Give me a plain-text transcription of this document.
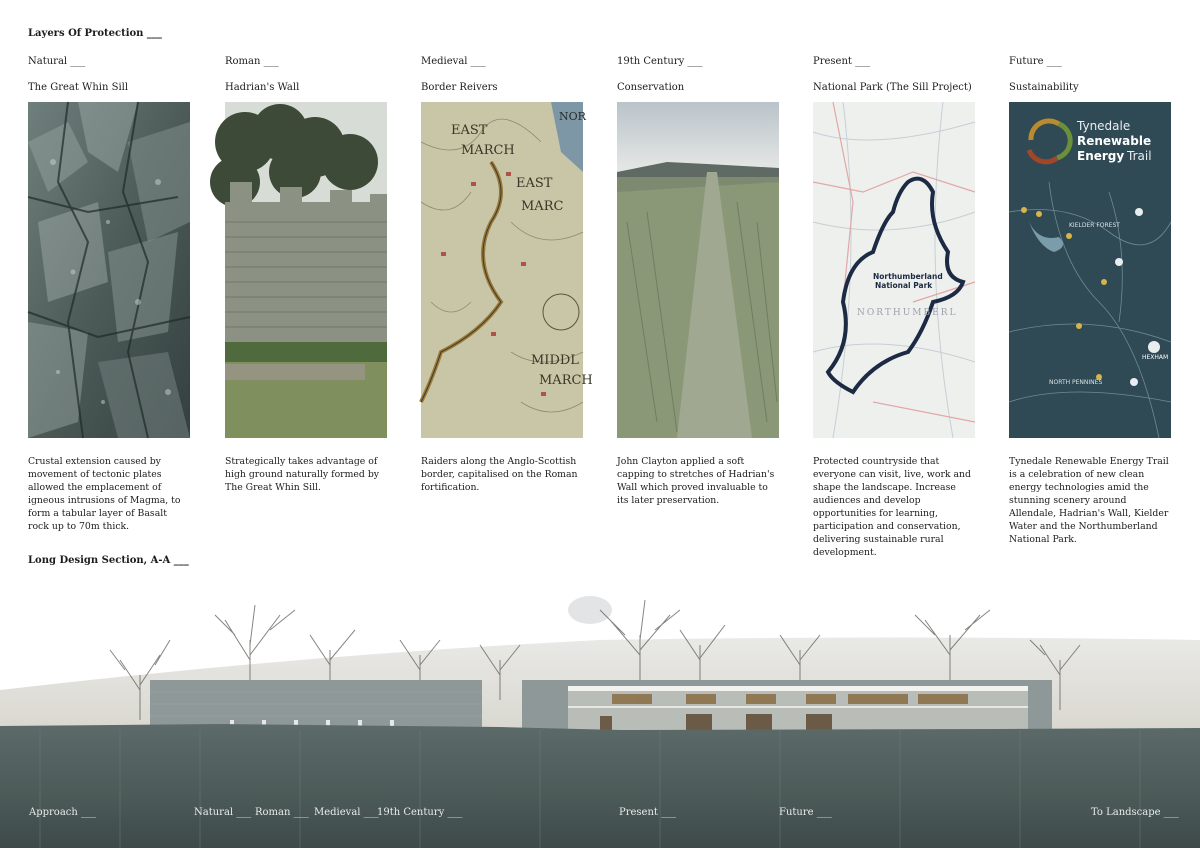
Layers Of Protection ___
Natural ___
The Great Whin Sill
Crustal extension caused by movement of tectonic plates allowed the emplacement of igneous intrusions of Magma, to form a tabular layer of Basalt rock up to 70m thick.
Roman ___
Hadrian's Wall
Strategically takes advantage of high ground naturally formed by The Great Whin Sill.
Medieval ___
Border Reivers
EAST
MARCH
EAST
MARC
MIDDL
MARCH
NOR
Raiders along the Anglo-Scottish border, capitalised on the Roman fortification.
19th Century ___
Conservation
John Clayton applied a soft capping to stretches of Hadrian's Wall which proved invaluable to its later preservation.
Present ___
National Park (The Sill Project)
Northumberland
National Park
NORTHUMBERL
Protected countryside that everyone can visit, live, work and shape the landscape. Increase audiences and develop opportunities for learning, participation and conservation, delivering sustainable rural development.
Future ___
Sustainability
Tynedale
Renewable
Energy Trail
KIELDER FOREST
NORTH PENNINES
HEXHAM
Tynedale Renewable Energy Trail is a celebration of new clean energy technologies amid the stunning scenery around Allendale, Hadrian's Wall, Kielder Water and the Northumberland National Park.
Long Design Section, A-A ___
Approach ___	Natural ___ Roman ___ Medieval ___
19th Century ___	Present ___	Future ___	To Landscape ___
